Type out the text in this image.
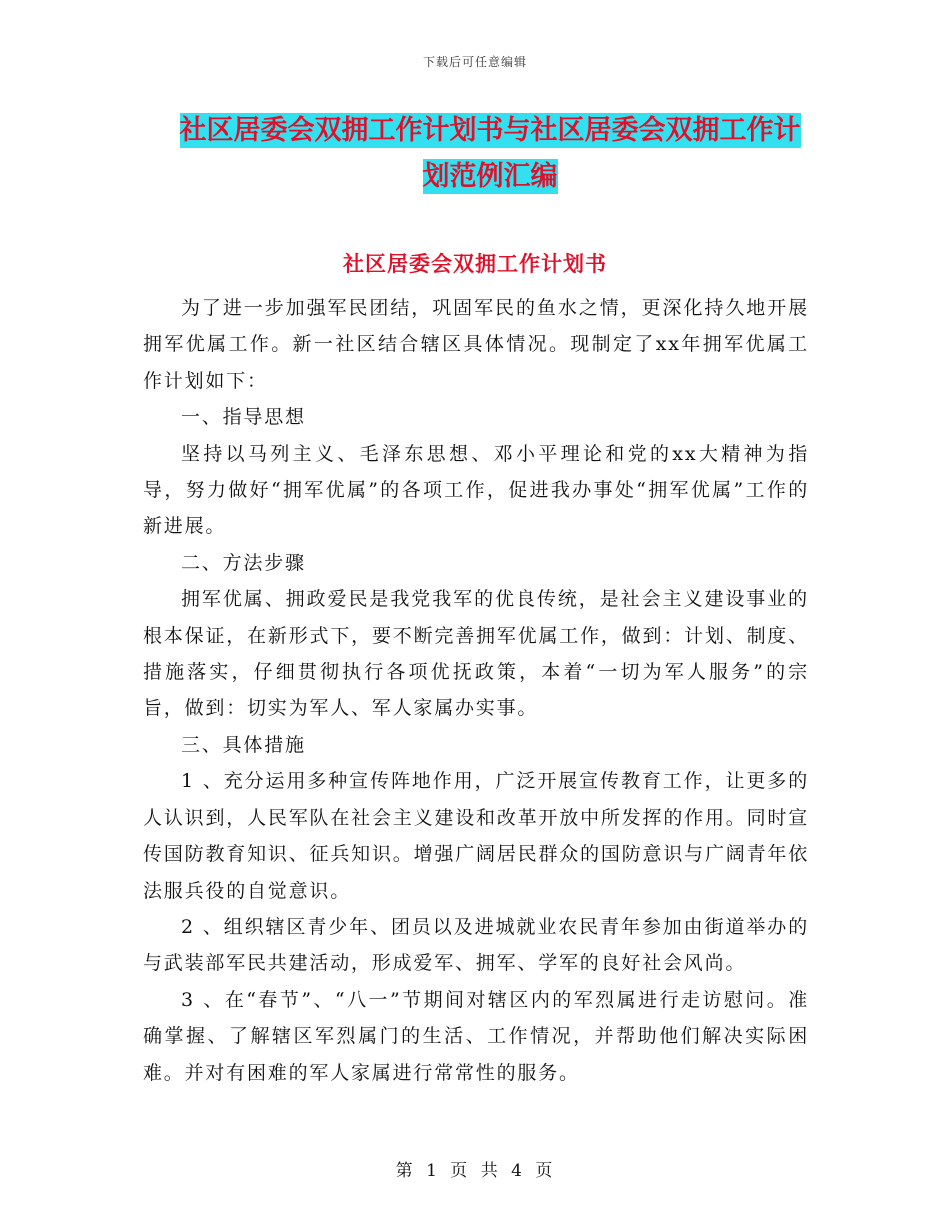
下载后可任意编辑
社区居委会双拥工作计划书与社区居委会双拥工作计
划范例汇编
社区居委会双拥工作计划书

为了进一步加强军民团结，巩固军民的鱼水之情，更深化持久地开展拥军优属工作。新一社区结合辖区具体情况。现制定了xx年拥军优属工作计划如下：

一、指导思想

坚持以马列主义、毛泽东思想、邓小平理论和党的xx大精神为指导，努力做好“拥军优属”的各项工作，促进我办事处“拥军优属”工作的新进展。

二、方法步骤

拥军优属、拥政爱民是我党我军的优良传统，是社会主义建设事业的根本保证，在新形式下，要不断完善拥军优属工作，做到：计划、制度、措施落实，仔细贯彻执行各项优抚政策，本着“一切为军人服务”的宗旨，做到：切实为军人、军人家属办实事。

三、具体措施

1 、充分运用多种宣传阵地作用，广泛开展宣传教育工作，让更多的人认识到，人民军队在社会主义建设和改革开放中所发挥的作用。同时宣传国防教育知识、征兵知识。增强广阔居民群众的国防意识与广阔青年依法服兵役的自觉意识。

2 、组织辖区青少年、团员以及进城就业农民青年参加由街道举办的与武装部军民共建活动，形成爱军、拥军、学军的良好社会风尚。

3 、在“春节”、“八一”节期间对辖区内的军烈属进行走访慰问。准确掌握、了解辖区军烈属门的生活、工作情况，并帮助他们解决实际困难。并对有困难的军人家属进行常常性的服务。

第 1 页 共 4 页
